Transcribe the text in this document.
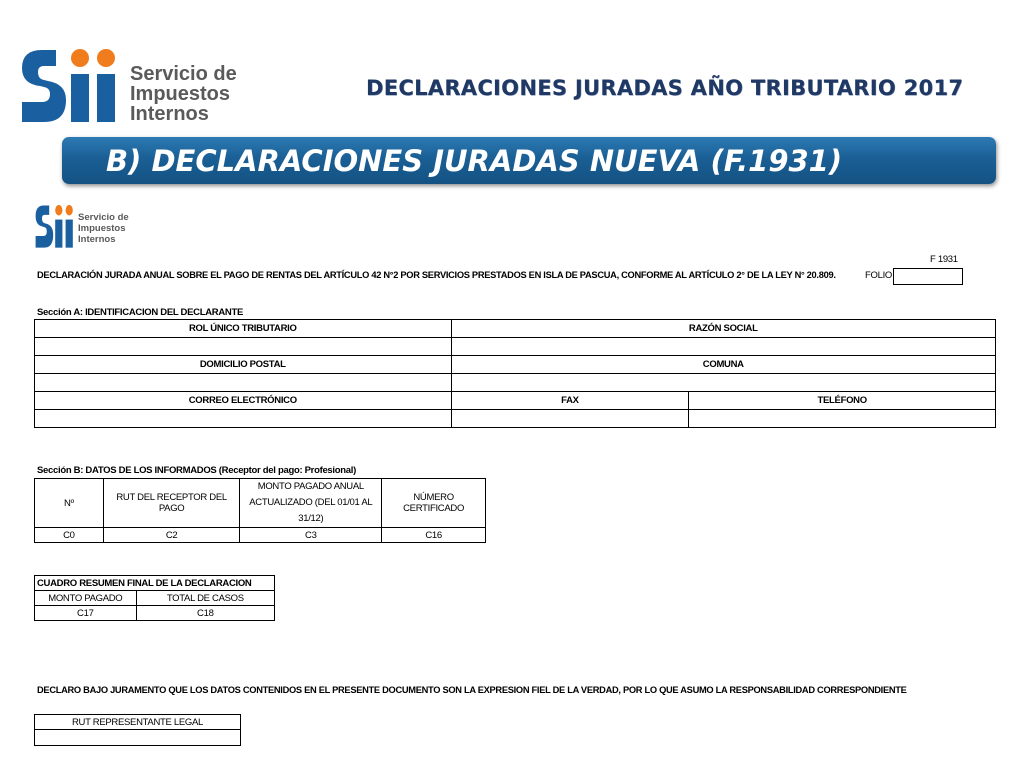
Servicio de
Impuestos
Internos
DECLARACIONES JURADAS AÑO TRIBUTARIO 2017
B) DECLARACIONES JURADAS NUEVA (F.1931)
Servicio de
Impuestos
Internos
F 1931
DECLARACIÓN JURADA ANUAL SOBRE EL PAGO DE RENTAS DEL ARTÍCULO 42 N°2 POR SERVICIOS PRESTADOS EN ISLA DE PASCUA, CONFORME AL ARTÍCULO 2° DE LA LEY N° 20.809.	FOLIO
Sección A: IDENTIFICACION DEL DECLARANTE
ROL ÚNICO TRIBUTARIO	RAZÓN SOCIAL	

DOMICILIO POSTAL	COMUNA	

CORREO ELECTRÓNICO	FAX	TELÉFONO

Sección B: DATOS DE LOS INFORMADOS (Receptor del pago: Profesional)
Nº	RUT DEL RECEPTOR DEL PAGO	MONTO PAGADO ANUAL ACTUALIZADO (DEL 01/01 AL 31/12)	NÚMERO CERTIFICADO
C0	C2	C3	C16
CUADRO RESUMEN FINAL DE LA DECLARACION	
MONTO PAGADO	TOTAL DE CASOS
C17	C18
DECLARO BAJO JURAMENTO QUE LOS DATOS CONTENIDOS EN EL PRESENTE DOCUMENTO SON LA EXPRESION FIEL DE LA VERDAD, POR LO QUE ASUMO LA RESPONSABILIDAD CORRESPONDIENTE
RUT REPRESENTANTE LEGAL
